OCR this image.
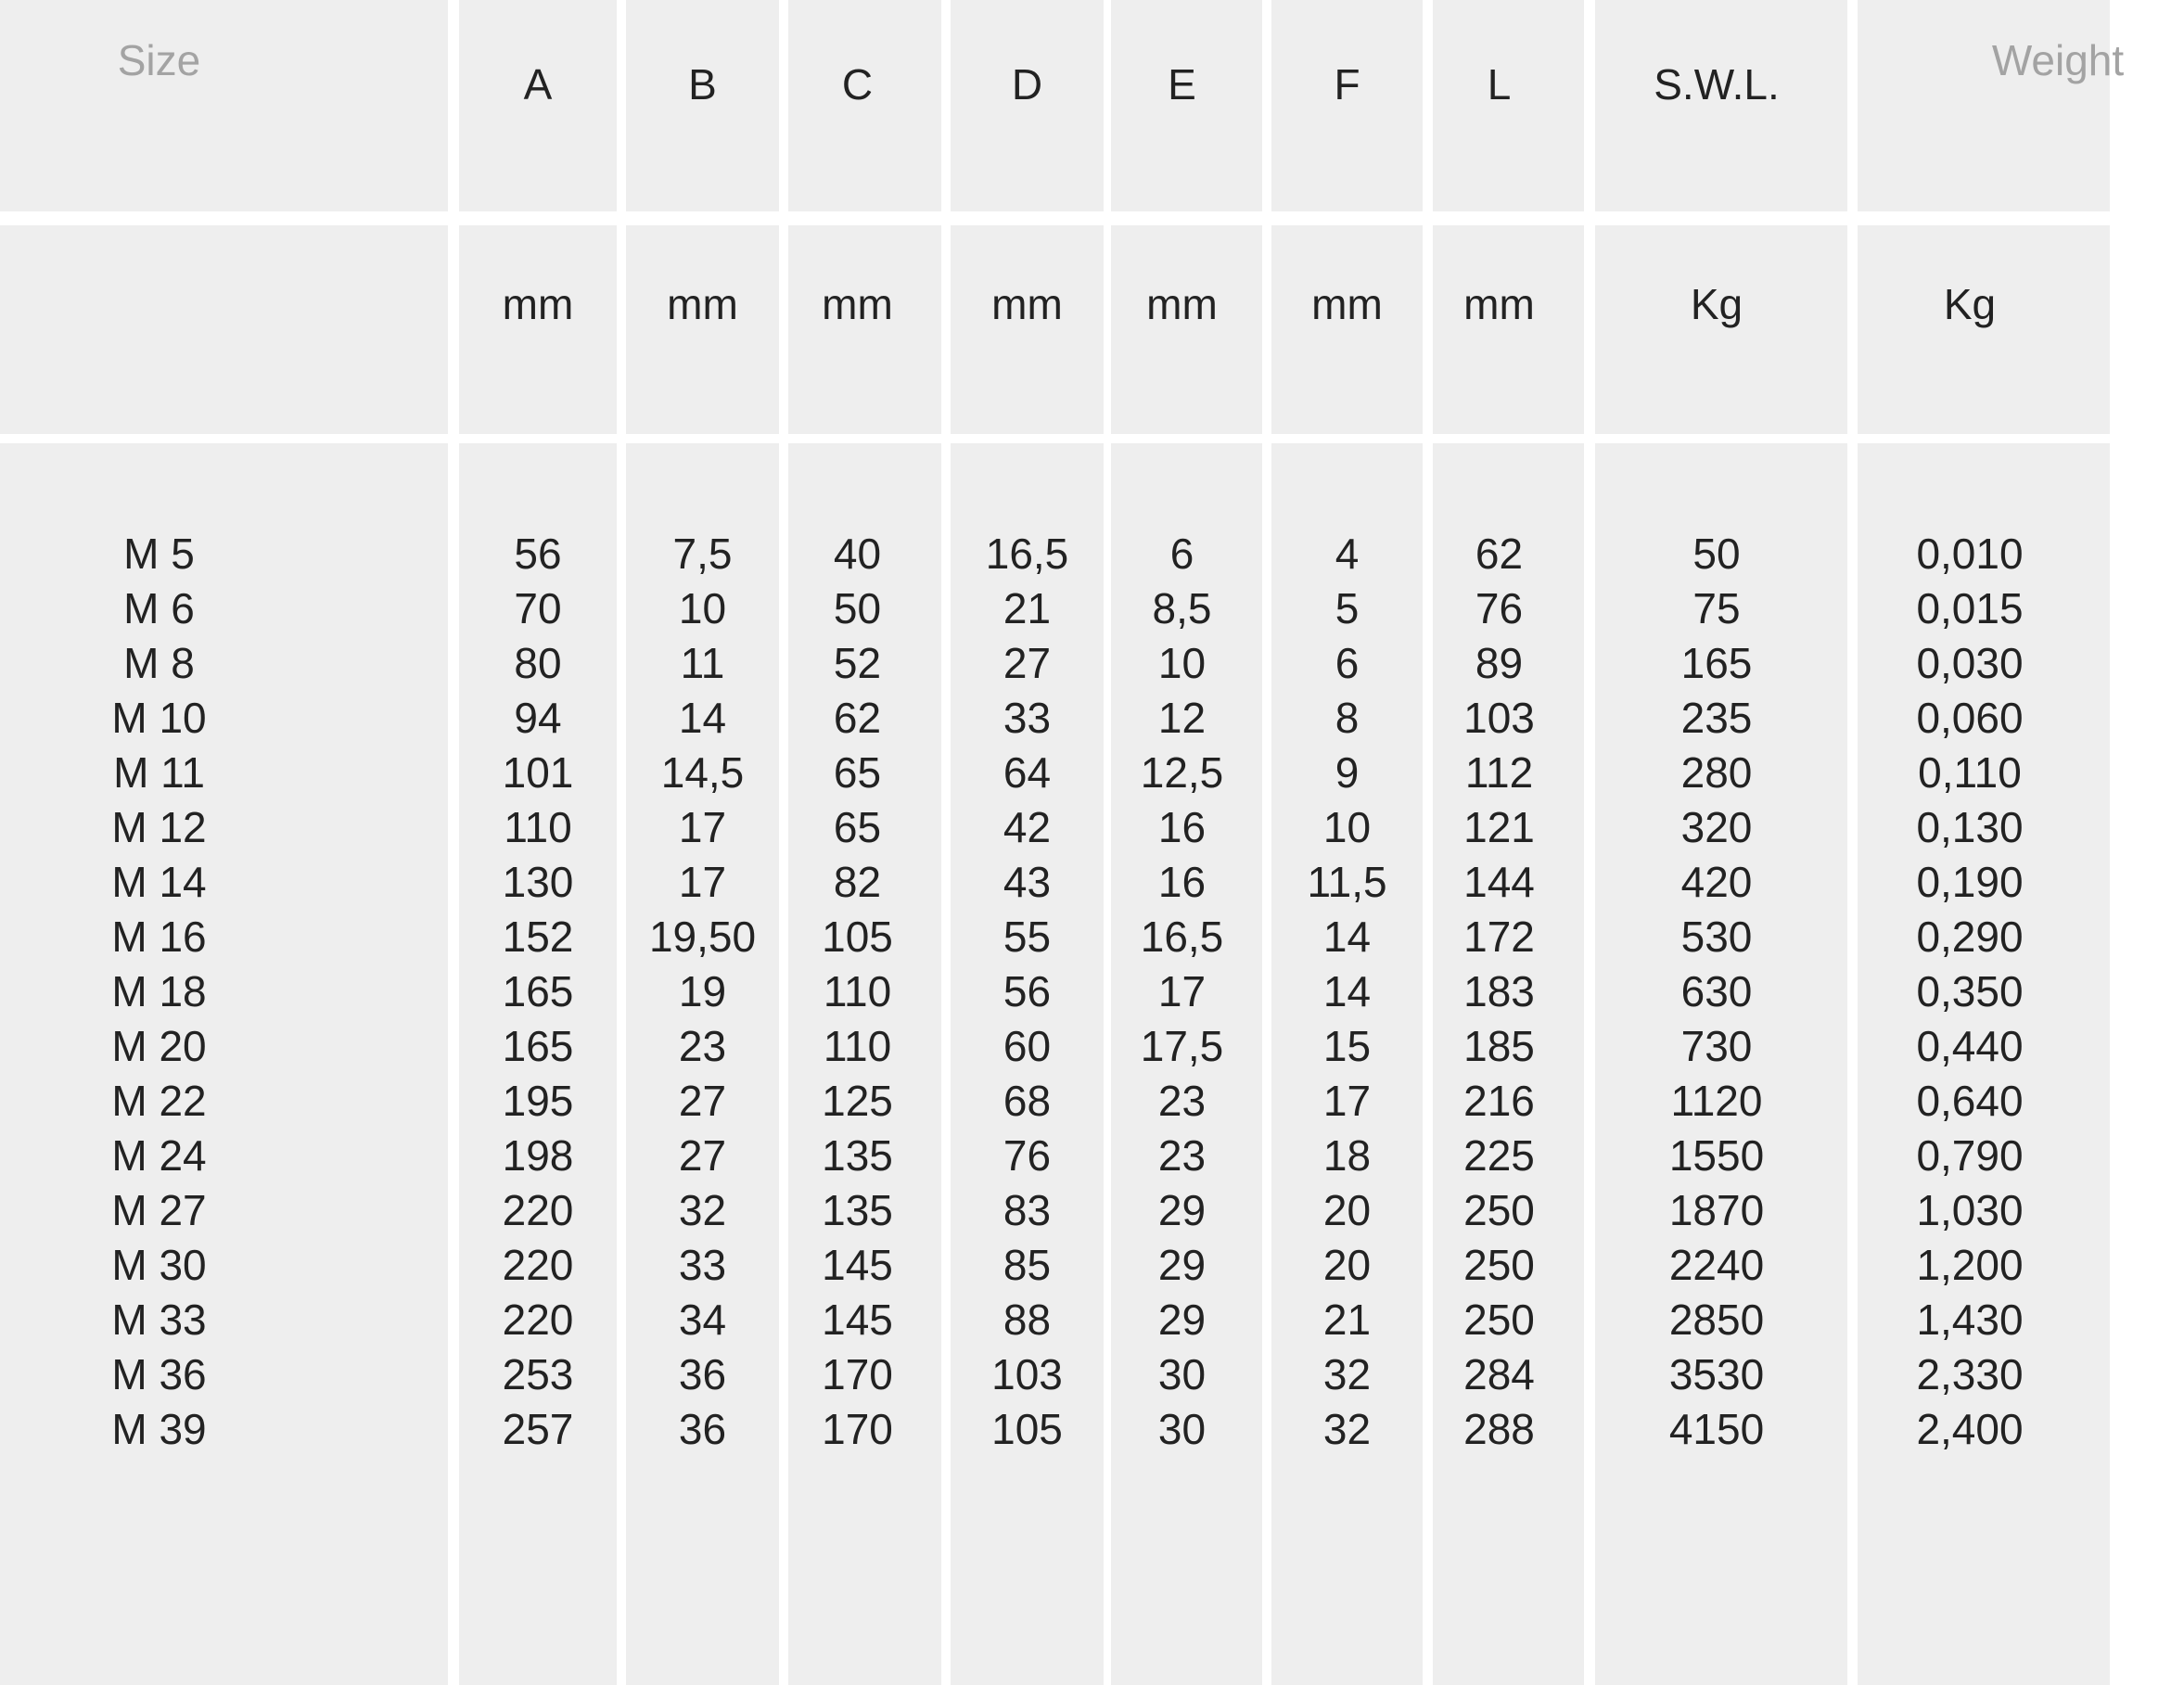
Size
M 5
M 6
M 8
M 10
M 11
M 12
M 14
M 16
M 18
M 20
M 22
M 24
M 27
M 30
M 33
M 36
M 39
A
mm
56
70
80
94
101
110
130
152
165
165
195
198
220
220
220
253
257
B
mm
7,5
10
11
14
14,5
17
17
19,50
19
23
27
27
32
33
34
36
36
C
mm
40
50
52
62
65
65
82
105
110
110
125
135
135
145
145
170
170
D
mm
16,5
21
27
33
64
42
43
55
56
60
68
76
83
85
88
103
105
E
mm
6
8,5
10
12
12,5
16
16
16,5
17
17,5
23
23
29
29
29
30
30
F
mm
4
5
6
8
9
10
11,5
14
14
15
17
18
20
20
21
32
32
L
mm
62
76
89
103
112
121
144
172
183
185
216
225
250
250
250
284
288
S.W.L.
Kg
50
75
165
235
280
320
420
530
630
730
1120
1550
1870
2240
2850
3530
4150
Weight
Kg
0,010
0,015
0,030
0,060
0,110
0,130
0,190
0,290
0,350
0,440
0,640
0,790
1,030
1,200
1,430
2,330
2,400
